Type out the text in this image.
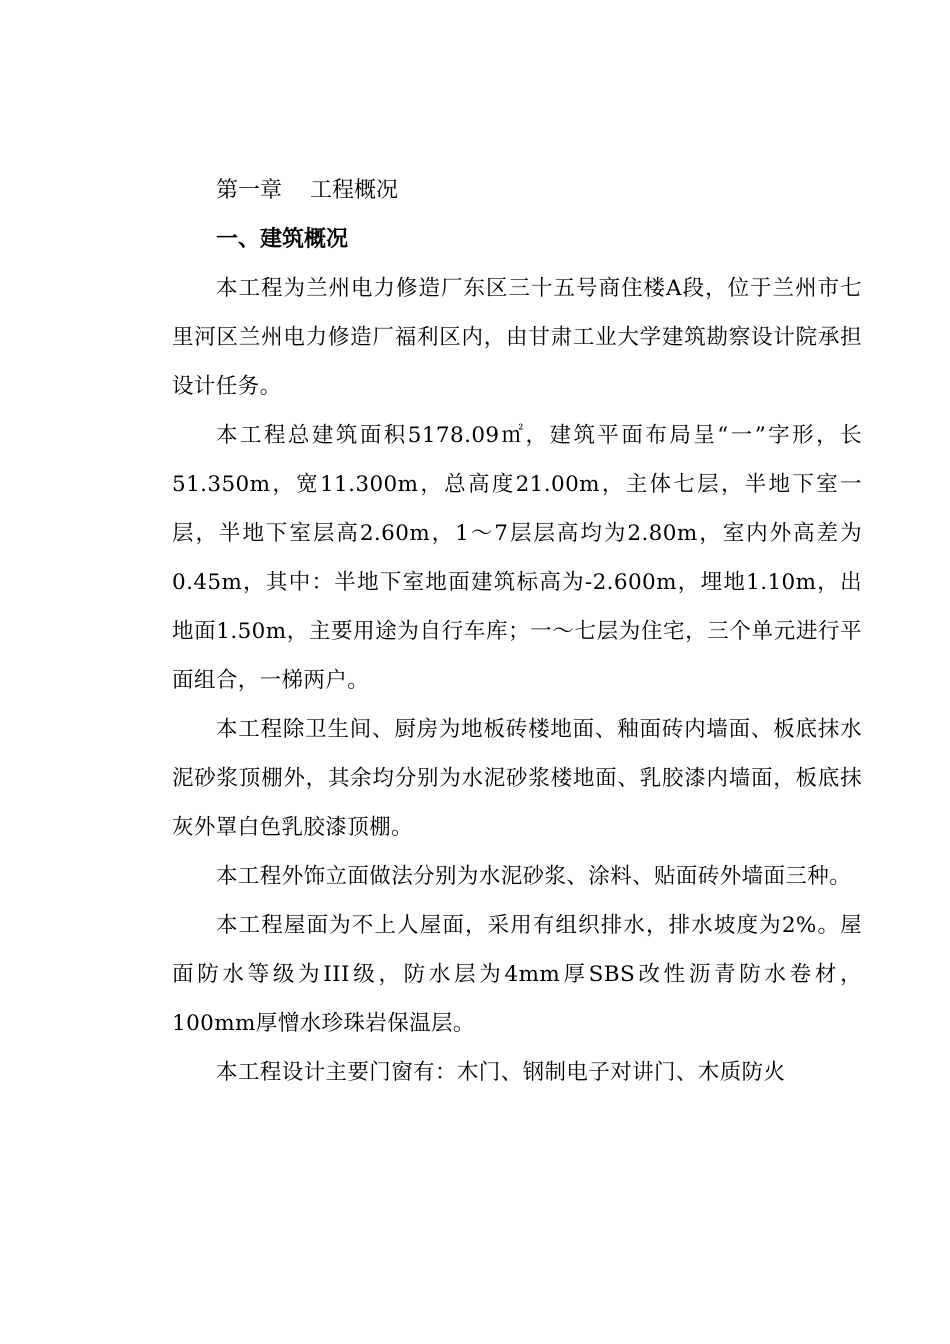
第一章    工程概况
一、建筑概况

本工程为兰州电力修造厂东区三十五号商住楼A段，位于兰州市七里河区兰州电力修造厂福利区内，由甘肃工业大学建筑勘察设计院承担设计任务。

本工程总建筑面积5178.09㎡，建筑平面布局呈“一”字形，长51.350m，宽11.300m，总高度21.00m，主体七层，半地下室一层，半地下室层高2.60m，1～7层层高均为2.80m，室内外高差为0.45m，其中：半地下室地面建筑标高为-2.600m，埋地1.10m，出地面1.50m，主要用途为自行车库；一～七层为住宅，三个单元进行平面组合，一梯两户。

本工程除卫生间、厨房为地板砖楼地面、釉面砖内墙面、板底抹水泥砂浆顶棚外，其余均分别为水泥砂浆楼地面、乳胶漆内墙面，板底抹灰外罩白色乳胶漆顶棚。

本工程外饰立面做法分别为水泥砂浆、涂料、贴面砖外墙面三种。

本工程屋面为不上人屋面，采用有组织排水，排水坡度为2%。屋面防水等级为III级，防水层为4mm厚SBS改性沥青防水卷材，100mm厚憎水珍珠岩保温层。

本工程设计主要门窗有：木门、钢制电子对讲门、木质防火
